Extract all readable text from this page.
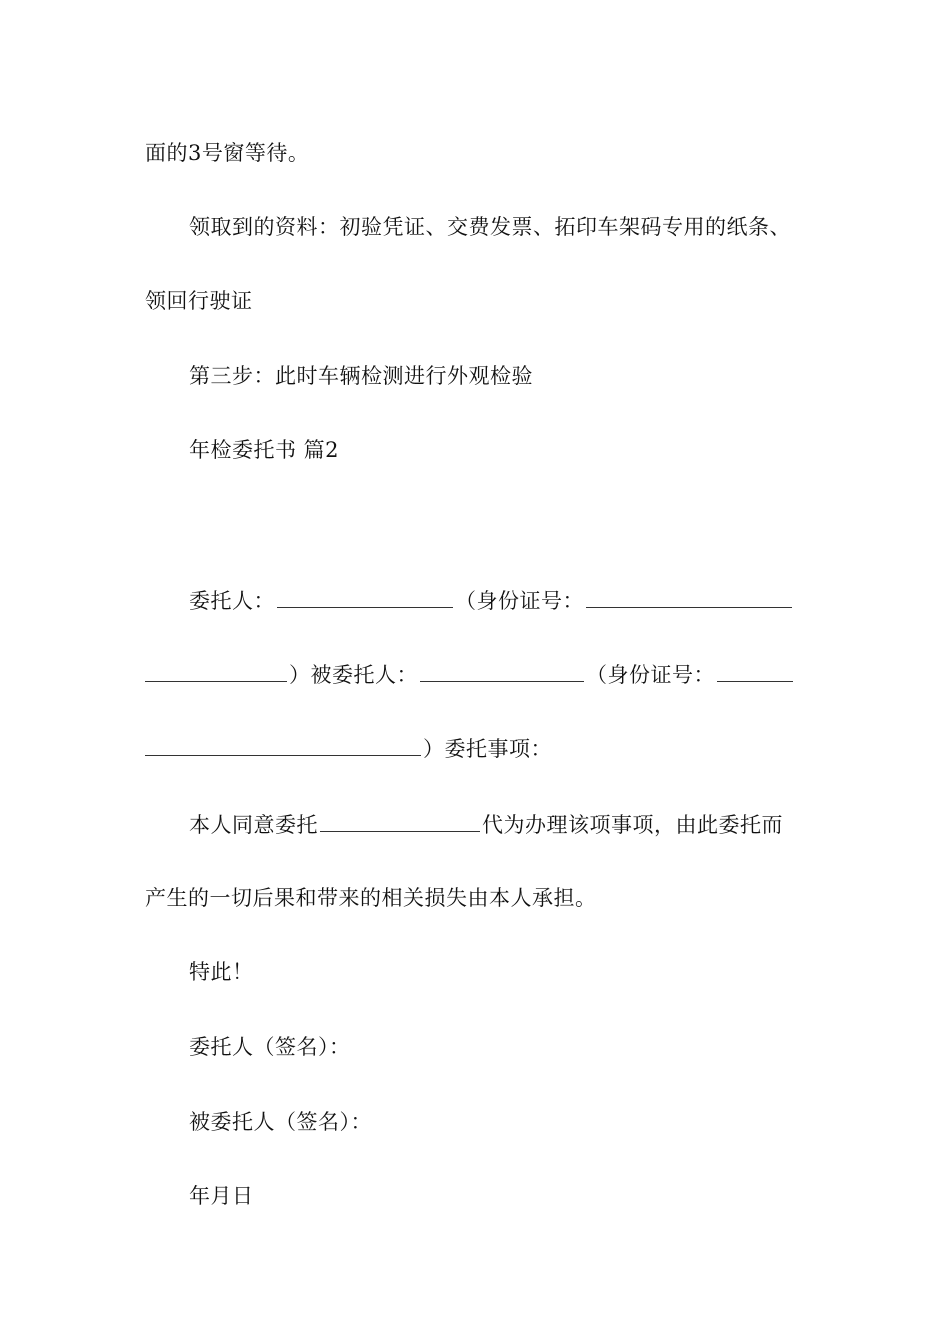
面的3号窗等待。
领取到的资料：初验凭证、交费发票、拓印车架码专用的纸条、
领回行驶证
第三步：此时车辆检测进行外观检验
年检委托书 篇2
委托人：	（身份证号：
）被委托人：	（身份证号：
）委托事项：
本人同意委托	代为办理该项事项，由此委托而
产生的一切后果和带来的相关损失由本人承担。
特此！
委托人（签名）：
被委托人（签名）：
年月日
